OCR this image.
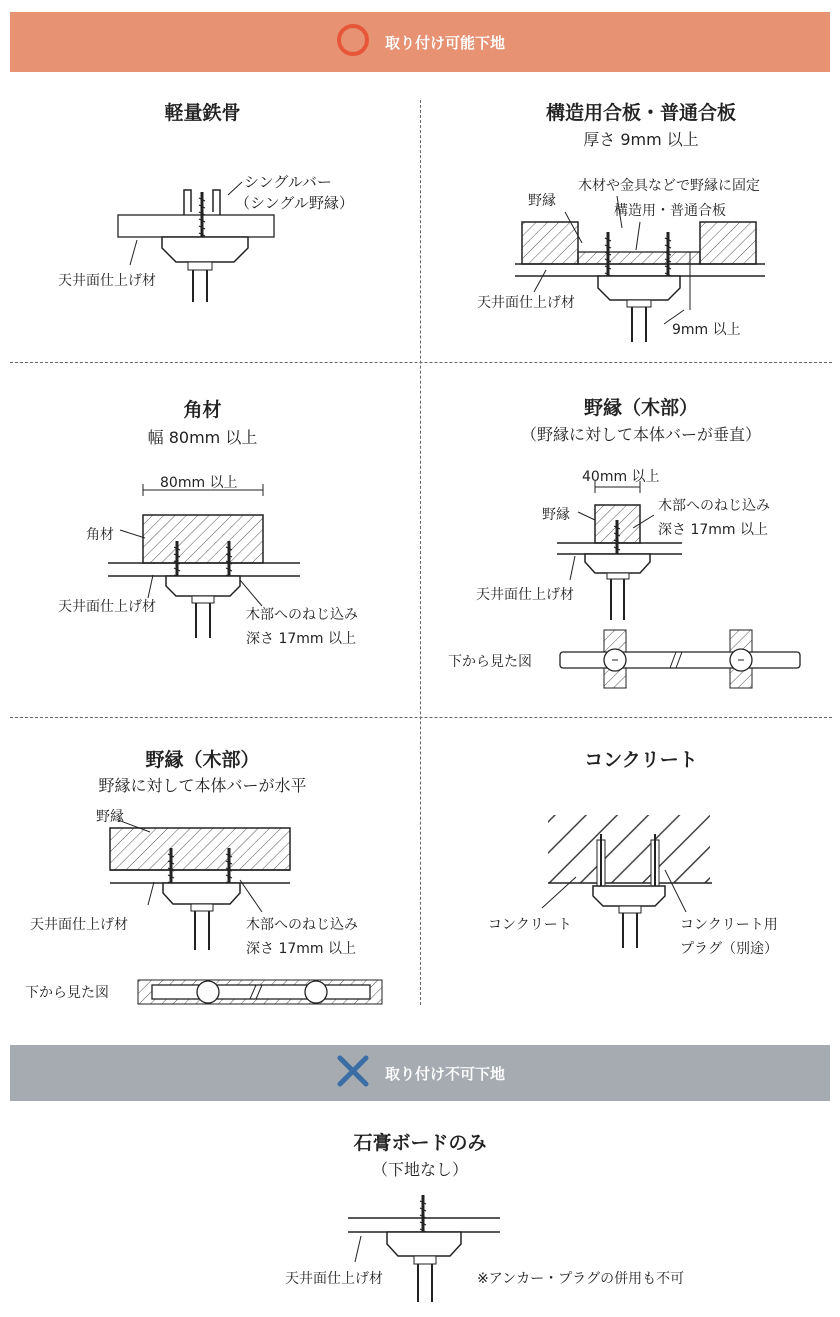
取り付け可能下地
取り付け不可下地
軽量鉄骨
シングルバー
（シングル野縁）
天井面仕上げ材
構造用合板・普通合板
厚さ 9mm 以上
野縁
木材や金具などで野縁に固定
構造用・普通合板
天井面仕上げ材
9mm 以上
角材
幅 80mm 以上
80mm 以上
角材
天井面仕上げ材	木部へのねじ込み
深さ 17mm 以上
野縁（木部）
（野縁に対して本体バーが垂直）
40mm 以上
野縁
木部へのねじ込み
深さ 17mm 以上
天井面仕上げ材
下から見た図
野縁（木部）
野縁に対して本体バーが水平
野縁
天井面仕上げ材	木部へのねじ込み
深さ 17mm 以上
下から見た図
コンクリート
コンクリート	コンクリート用
プラグ（別途）
石膏ボードのみ
（下地なし）
天井面仕上げ材	※アンカー・プラグの併用も不可
